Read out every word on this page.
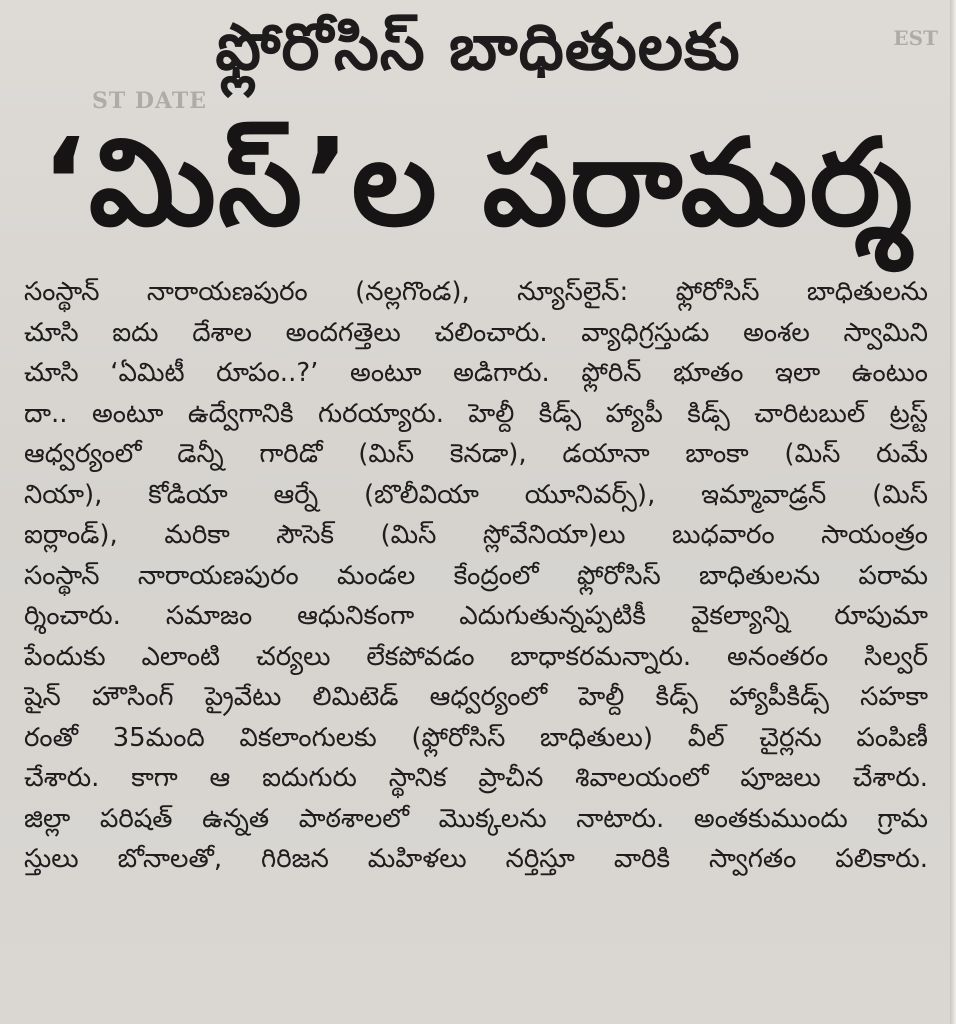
EST
ST DATE
ఫ్లోరోసిస్ బాధితులకు
‘మిస్’ల పరామర్శ
సంస్థాన్ నారాయణపురం (నల్లగొండ), న్యూస్‌లైన్: ఫ్లోరోసిస్ బాధితులను
చూసి ఐదు దేశాల అందగత్తెలు చలించారు. వ్యాధిగ్రస్తుడు అంశల స్వామిని
చూసి ‘ఏమిటీ రూపం..?’ అంటూ అడిగారు. ఫ్లోరిన్ భూతం ఇలా ఉంటుం
దా.. అంటూ ఉద్వేగానికి గురయ్యారు. హెల్దీ కిడ్స్ హ్యాపీ కిడ్స్ చారిటబుల్ ట్రస్ట్
ఆధ్వర్యంలో డెన్నీ గారిడో (మిస్ కెనడా), డయానా బాంకా (మిస్ రుమే
నియా), కోడియా ఆర్నే (బొలీవియా యూనివర్స్), ఇమ్మావాడ్రన్ (మిస్
ఐర్లాండ్), మరికా సౌసెక్ (మిస్ స్లోవేనియా)లు బుధవారం సాయంత్రం
సంస్థాన్ నారాయణపురం మండల కేంద్రంలో ఫ్లోరోసిస్ బాధితులను పరామ
ర్శించారు. సమాజం ఆధునికంగా ఎదుగుతున్నప్పటికీ వైకల్యాన్ని రూపుమా
పేందుకు ఎలాంటి చర్యలు లేకపోవడం బాధాకరమన్నారు. అనంతరం సిల్వర్
షైన్ హౌసింగ్ ప్రైవేటు లిమిటెడ్ ఆధ్వర్యంలో హెల్దీ కిడ్స్ హ్యాపీకిడ్స్ సహకా
రంతో 35మంది వికలాంగులకు (ఫ్లోరోసిస్ బాధితులు) వీల్ చైర్లను పంపిణీ
చేశారు. కాగా ఆ ఐదుగురు స్థానిక ప్రాచీన శివాలయంలో పూజలు చేశారు.
జిల్లా పరిషత్ ఉన్నత పాఠశాలలో మొక్కలను నాటారు. అంతకుముందు గ్రామ
స్తులు బోనాలతో, గిరిజన మహిళలు నర్తిస్తూ వారికి స్వాగతం పలికారు.
